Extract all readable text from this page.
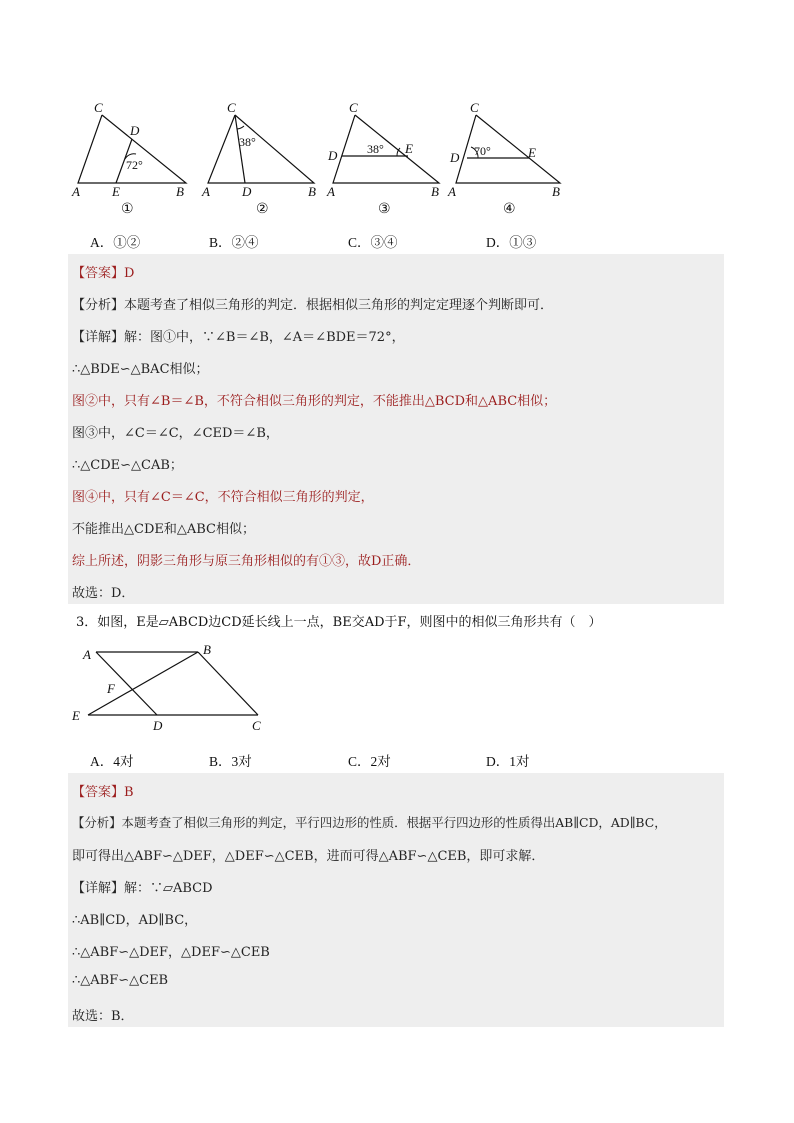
C
D
72°
A E	B
①
C
38°
A D	B
②
C
D 38° E
A	B
③
C
D 70°	E
A	B
④
A．①②	B．②④	C．③④	D．①③
【答案】D
【分析】本题考查了相似三角形的判定．根据相似三角形的判定定理逐个判断即可．
【详解】解：图①中，∵∠B＝∠B，∠A＝∠BDE＝72°，
∴△BDE∽△BAC相似；
图②中，只有∠B＝∠B，不符合相似三角形的判定，不能推出△BCD和△ABC相似；
图③中，∠C＝∠C，∠CED＝∠B，
∴△CDE∽△CAB；
图④中，只有∠C＝∠C，不符合相似三角形的判定，
不能推出△CDE和△ABC相似；
综上所述，阴影三角形与原三角形相似的有①③，故D正确．
故选：D．
3．如图，E是▱ABCD边CD延长线上一点，BE交AD于F，则图中的相似三角形共有（　）
A	B
F
E
D	C
A．4对	B．3对	C．2对	D．1对
【答案】B
【分析】本题考查了相似三角形的判定，平行四边形的性质．根据平行四边形的性质得出AB∥CD，AD∥BC，
即可得出△ABF∽△DEF，△DEF∽△CEB，进而可得△ABF∽△CEB，即可求解．
【详解】解：∵▱ABCD
∴AB∥CD，AD∥BC，
∴△ABF∽△DEF，△DEF∽△CEB
∴△ABF∽△CEB
故选：B．
